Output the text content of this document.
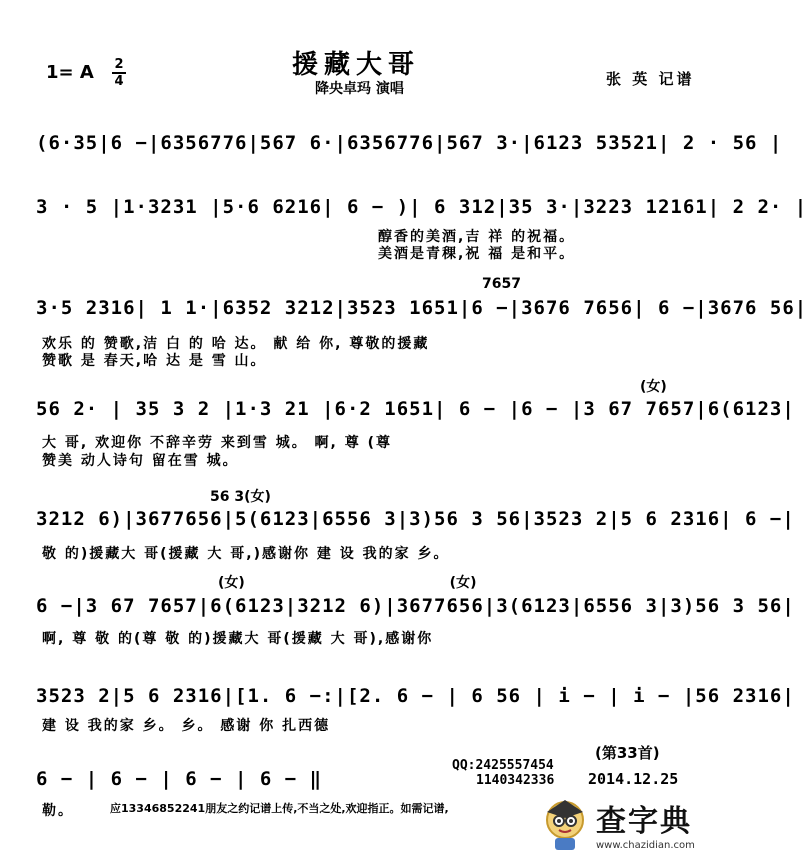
援藏大哥
降央卓玛 演唱
1= A 2
4	张 英 记谱
(6·35|6 −|6356776|567 6·|6356776|567 3·|6123 53521| 2 · 56 |
3 · 5 |1·3231 |5·6 6216| 6 − )| 6 312|35 3·|3223 12161| 2 2· |
醇香的美酒,吉 祥 的祝福。
美酒是青稞,祝 福 是和平。
7657
3·5 2316| 1 1·|6352 3212|3523 1651|6 −|3676 7656| 6 −|3676 56|
欢乐 的 赞歌,洁 白 的 哈 达。 献 给 你, 尊敬的援藏
赞歌 是 春天,哈 达 是 雪 山。
(女)
56 2· | 35 3 2 |1·3 21 |6·2 1651| 6 − |6 − |3 67 7657|6(6123|
大 哥, 欢迎你 不辞辛劳 来到雪 城。 啊, 尊 (尊
赞美 动人诗句 留在雪 城。
56 3(女)
3212 6)|3677656|5(6123|6556 3|3)56 3 56|3523 2|5 6 2316| 6 −|
敬 的)援藏大 哥(援藏 大 哥,)感谢你 建 设 我的家 乡。
(女) (女)
6 −|3 67 7657|6(6123|3212 6)|3677656|3(6123|6556 3|3)56 3 56|
啊, 尊 敬 的(尊 敬 的)援藏大 哥(援藏 大 哥),感谢你
3523 2|5 6 2316|[1. 6 −:|[2. 6 − | 6 56 | i − | i − |56 2316|
建 设 我的家 乡。 乡。 感谢 你 扎西德
6 − | 6 − | 6 − | 6 − ‖
勒。
QQ:2425557454
1140342336
(第33首)
2014.12.25
应13346852241朋友之约记谱上传,不当之处,欢迎指正。如需记谱,	查字典
www.chazidian.com
